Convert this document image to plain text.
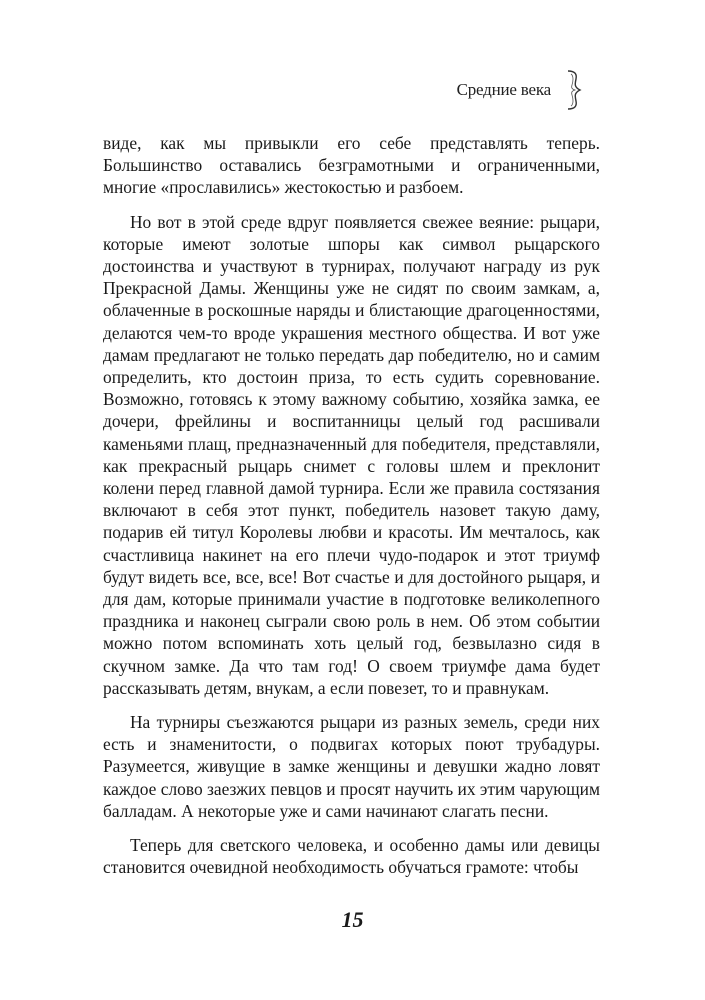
Средние века

виде, как мы привыкли его себе представлять теперь. Большинство оставались безграмотными и ограниченными, многие «прославились» жестокостью и разбоем.

Но вот в этой среде вдруг появляется свежее веяние: рыцари, которые имеют золотые шпоры как символ рыцарского достоинства и участвуют в турнирах, получают награду из рук Прекрасной Дамы. Женщины уже не сидят по своим замкам, а, облаченные в роскошные наряды и блистающие драгоценностями, делаются чем-то вроде украшения местного общества. И вот уже дамам предлагают не только передать дар победителю, но и самим определить, кто достоин приза, то есть судить соревнование. Возможно, готовясь к этому важному событию, хозяйка замка, ее дочери, фрейлины и воспитанницы целый год расшивали каменьями плащ, предназначенный для победителя, представляли, как прекрасный рыцарь снимет с головы шлем и преклонит колени перед главной дамой турнира. Если же правила состязания включают в себя этот пункт, победитель назовет такую даму, подарив ей титул Королевы любви и красоты. Им мечталось, как счастливица накинет на его плечи чудо-подарок и этот триумф будут видеть все, все, все! Вот счастье и для достойного рыцаря, и для дам, которые принимали участие в подготовке великолепного праздника и наконец сыграли свою роль в нем. Об этом событии можно потом вспоминать хоть целый год, безвылазно сидя в скучном замке. Да что там год! О своем триумфе дама будет рассказывать детям, внукам, а если повезет, то и правнукам.

На турниры съезжаются рыцари из разных земель, среди них есть и знаменитости, о подвигах которых поют трубадуры. Разумеется, живущие в замке женщины и девушки жадно ловят каждое слово заезжих певцов и просят научить их этим чарующим балладам. А некоторые уже и сами начинают слагать песни.

Теперь для светского человека, и особенно дамы или девицы становится очевидной необходимость обучаться грамоте: чтобы

15
